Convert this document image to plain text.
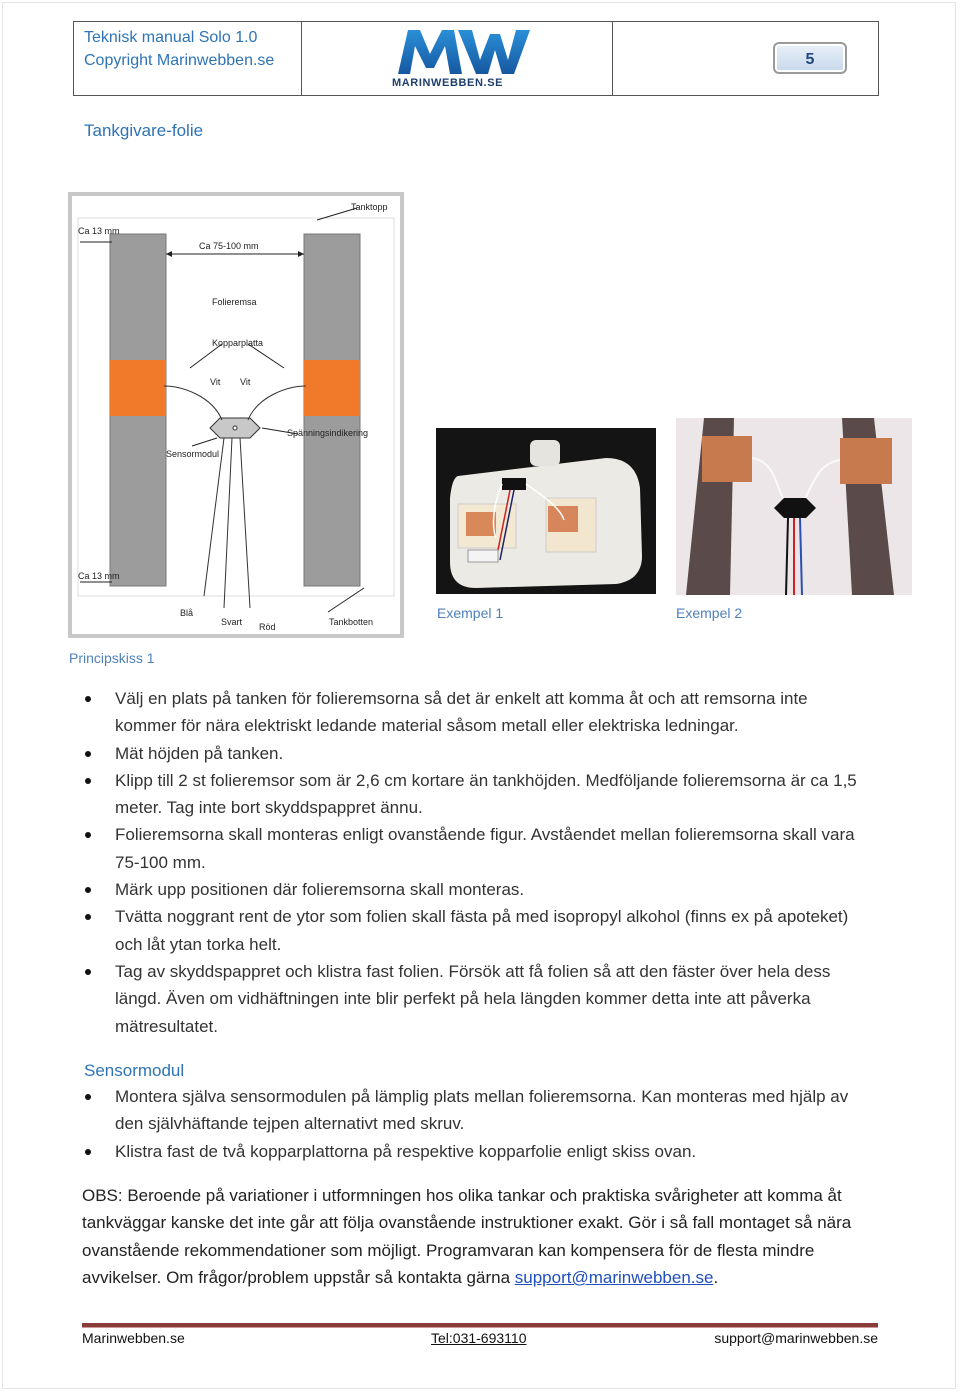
Teknisk manual Solo 1.0
Copyright Marinwebben.se
MARINWEBBEN.SE
5
Tankgivare-folie
Tanktopp
Ca 13 mm
Ca 75-100 mm
Folieremsa
Kopparplatta
Vit Vit
Spänningsindikering
Sensormodul
Ca 13 mm
Blå
Svart Röd	Tankbotten
Principskiss 1
Exempel 1	Exempel 2
Välj en plats på tanken för folieremsorna så det är enkelt att komma åt och att remsorna inte kommer för nära elektriskt ledande material såsom metall eller elektriska ledningar.
Mät höjden på tanken.
Klipp till 2 st folieremsor som är 2,6 cm kortare än tankhöjden. Medföljande folieremsorna är ca 1,5 meter. Tag inte bort skyddspappret ännu.
Folieremsorna skall monteras enligt ovanstående figur. Avståendet mellan folieremsorna skall vara 75-100 mm.
Märk upp positionen där folieremsorna skall monteras.
Tvätta noggrant rent de ytor som folien skall fästa på med isopropyl alkohol (finns ex på apoteket) och låt ytan torka helt.
Tag av skyddspappret och klistra fast folien. Försök att få folien så att den fäster över hela dess längd. Även om vidhäftningen inte blir perfekt på hela längden kommer detta inte att påverka mätresultatet.
Sensormodul
Montera själva sensormodulen på lämplig plats mellan folieremsorna. Kan monteras med hjälp av den självhäftande tejpen alternativt med skruv.
Klistra fast de två kopparplattorna på respektive kopparfolie enligt skiss ovan.

OBS: Beroende på variationer i utformningen hos olika tankar och praktiska svårigheter att komma åt tankväggar kanske det inte går att följa ovanstående instruktioner exakt. Gör i så fall montaget så nära ovanstående rekommendationer som möjligt. Programvaran kan kompensera för de flesta mindre avvikelser. Om frågor/problem uppstår så kontakta gärna support@marinwebben.se.

Marinwebben.se	Tel:031-693110	support@marinwebben.se
